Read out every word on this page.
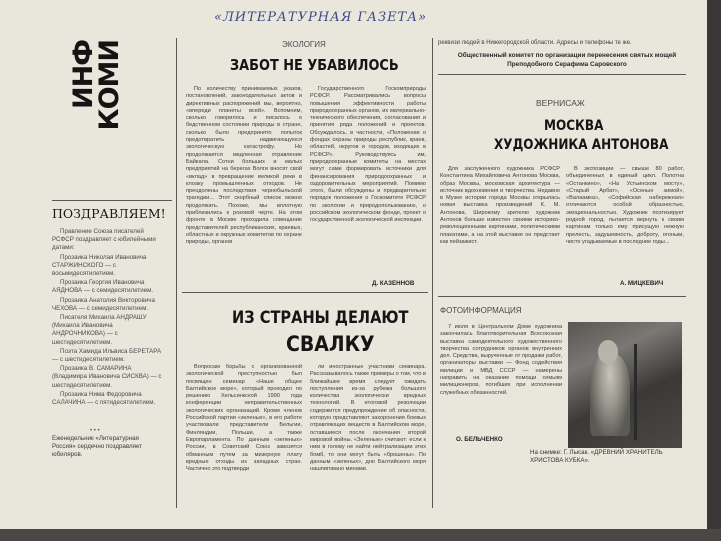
«ЛИТЕРАТУРНАЯ ГАЗЕТА»
ИНФ
КОМИ
ПОЗДРАВЛЯЕМ!

Правление Союза писателей РСФСР поздравляет с юбилейными датами:

Прозаика Николая Ивановича СТАРЖИНСКОГО — с восьмидесятилетием.

Прозаика Георгия Ивановича АЯДНОВА — с семидесятилетием.

Прозаика Анатолия Викторовича ЧЕХОВА — с семидесятилетием.

Писателя Михаила АНДРАШУ (Михаила Ивановича АНДРОЧНИКОВА) — с шестидесятилетием.

Поэта Хамида Ильвиса БЕРЕТАРА — с шестидесятилетием.

Прозаика В. САМАРИНА (Владимира Ивановича СИСКВА) — с шестидесятилетием.

Прозаика Нима Федоровича САЛАЧИНА — с пятидесятилетием.

• • •
Еженедельник «Литературная Россия» сердечно поздравляет юбиляров.
ЭКОЛОГИЯ
ЗАБОТ НЕ УБАВИЛОСЬ

По количеству принимаемых указов, постановлений, законодательных актов и директивных распоряжений мы, вероятно, «впереди планеты всей». Вспомним, сколько говорилось и писалось о бедственном состоянии природы в стране, сколько было предпринято попыток предотвратить надвигающуюся экологическую катастрофу. Но продолжается медленная отравление Байкала. Сотни больших и малых предприятий на берегах Волги вносят свой «вклад» в превращение великой реки в клоаку промышленных отходов. Не преодолены последствия чернобыльской трагедии... Этот скорбный список можно продолжать. Похоже, мы вплотную приблизились к роковой черте. На этом фронте в Москве проходила совещание представителей республиканских, краевых, областных и окружных комитетов по охране природы, органов

Государственного Госкомприроды РСФСР. Рассматривались вопросы повышения эффективности работы природоохранных органов, их материально-технического обеспечения, согласования и принятия ряда положений и проектов. Обсуждалось, в частности, «Положение о фондах охраны природы республик, краев, областей, округов и городов, входящих в РСФСР». Руководствуясь им, природоохранные комитеты на местах могут сами формировать источники для финансирования природоохранных и оздоровительных мероприятий. Помимо этого, были обсуждены и предварительно порядок положения о Госкомитете РСФСР по экологии и природопользованию, о российском экологическом фонде, проект о государственной экологической инспекции.

Д. КАЗЕННОВ
ИЗ СТРАНЫ ДЕЛАЮТ
СВАЛКУ

Вопросам борьбы с организованной экологической преступностью был посвящен семинар «Наше общее Балтийское море», который проходил по решению Хельсинкской 1990 года конференции неправительственных экологических организаций. Кроме членов Российской партии «зеленых», в его работе участвовали представители Бельгии, Финляндии, Польши, а также Европарламента. По данным «зеленых» России, в Советский Союз завозятся обманным путем за мизерную плату вредные отходы из западных стран. Частично это подтверди

ли иностранные участники семинара. Рассказывалось также примеры о том, что в ближайшее время следует ожидать поступления из-за рубежа большого количества экологически вредных технологий. В итоговой резолюции содержится предупреждение об опасности, которую представляют захоронения боевых отравляющих веществ в Балтийском море, оставшиеся после окончания второй мировой войны. «Зеленые» считают: если к ним в голову не найти нейтрализации этих бомб, то они могут быть «брошены». По данным «зеленых», дно Балтийского моря нашпиговано минами.

реквизи людей в Нижегородской области. Адресы и телефоны те же.
Общественный комитет по организации перенесения святых мощей Преподобного Серафима Саровского
ВЕРНИСАЖ
МОСКВА
ХУДОЖНИКА АНТОНОВА

Для заслуженного художника РСФСР Константина Михайловича Антонова Москва, образ Москвы, московская архитектура — источник вдохновения и творчества. Недавно в Музее истории города Москвы открылась новая выставка произведений К. М. Антонова. Широкому зрителю художник Антонов больше известен своими историко-революционными картинами, политическими плакатами, а на этой выставке он предстает как пейзажист.

В экспозиции — свыше 80 работ, объединенных в единый цикл. Полотна «Останкино», «На Устьинском мосту», «Старый Арбат», «Осенью зимой», «Валаамка», «Софийская набережная» отличаются особой образностью, эмоциональностью. Художник поэтизирует родной город, пытается вернуть к своим картинам только ему присущую нежную прелесть, задушевность, доброту, огоньки, чисто угадываемые в последние годы...

А. МИЦКЕВИЧ
ФОТОИНФОРМАЦИЯ

7 июля в Центральном Доме художника закончилась благотворительная Всесоюзная выставка самодеятельного художественного творчества сотрудников органов внутренних дел. Средства, вырученные от продажи работ, организаторы выставки — Фонд содействия милиции и МВД СССР — намерены направить на оказание помощи семьям милиционеров, погибших при исполнении служебных обязанностей.

О. БЕЛЬЧЕНКО
На снимке: Г. Лысак. «ДРЕВНИЙ ХРАНИТЕЛЬ ХРИСТОВА КУБКА».
